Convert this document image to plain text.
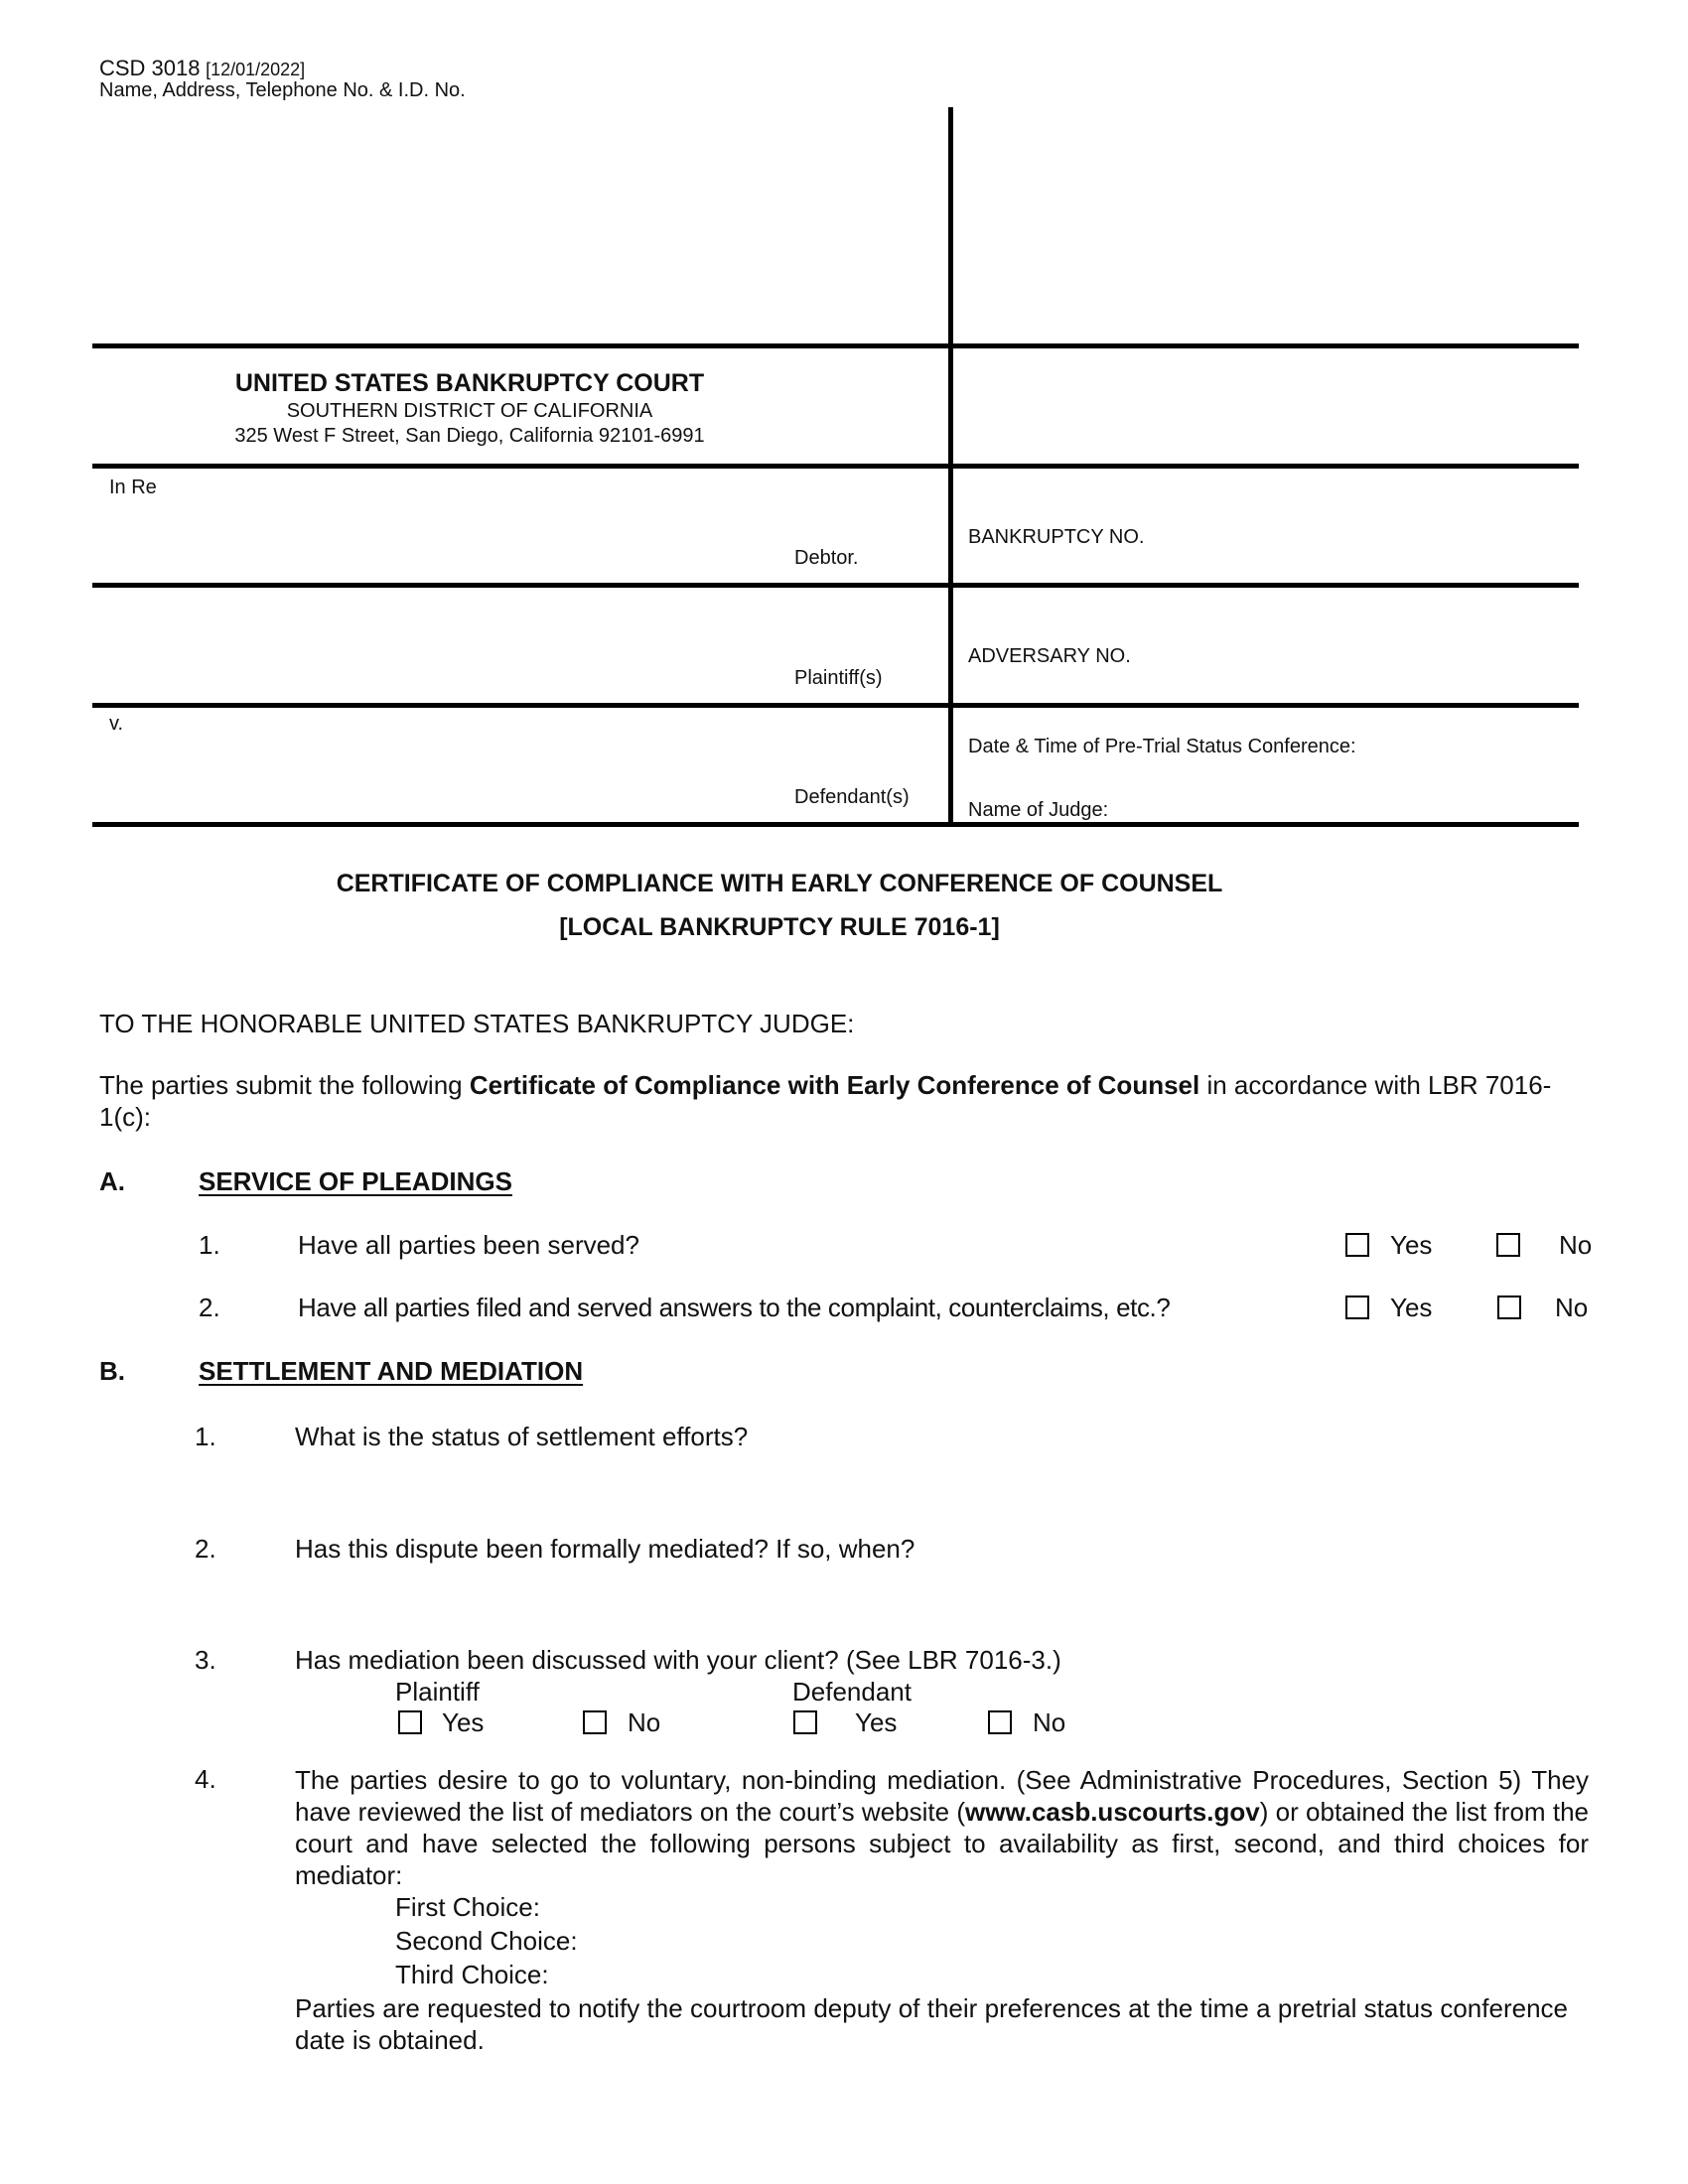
CSD 3018 [12/01/2022]
Name, Address, Telephone No. & I.D. No.
UNITED STATES BANKRUPTCY COURT
SOUTHERN DISTRICT OF CALIFORNIA
325 West F Street, San Diego, California 92101-6991
In Re
Debtor.
BANKRUPTCY NO.
Plaintiff(s)
ADVERSARY NO.
v.
Defendant(s)
Date & Time of Pre-Trial Status Conference:
Name of Judge:
CERTIFICATE OF COMPLIANCE WITH EARLY CONFERENCE OF COUNSEL
[LOCAL BANKRUPTCY RULE 7016-1]
TO THE HONORABLE UNITED STATES BANKRUPTCY JUDGE:
The parties submit the following Certificate of Compliance with Early Conference of Counsel in accordance with LBR 7016-1(c):
A.	SERVICE OF PLEADINGS
1.	Have all parties been served?	Yes	No
2.	Have all parties filed and served answers to the complaint, counterclaims, etc.?	Yes	No
B.	SETTLEMENT AND MEDIATION
1.	What is the status of settlement efforts?
2.	Has this dispute been formally mediated? If so, when?
3.	Has mediation been discussed with your client? (See LBR 7016-3.)
Plaintiff	Defendant
Yes	No	Yes	No
4.	The parties desire to go to voluntary, non-binding mediation. (See Administrative Procedures, Section 5) They have reviewed the list of mediators on the court’s website (www.casb.uscourts.gov) or obtained the list from the court and have selected the following persons subject to availability as first, second, and third choices for mediator:
First Choice:
Second Choice:
Third Choice:
Parties are requested to notify the courtroom deputy of their preferences at the time a pretrial status conference date is obtained.
